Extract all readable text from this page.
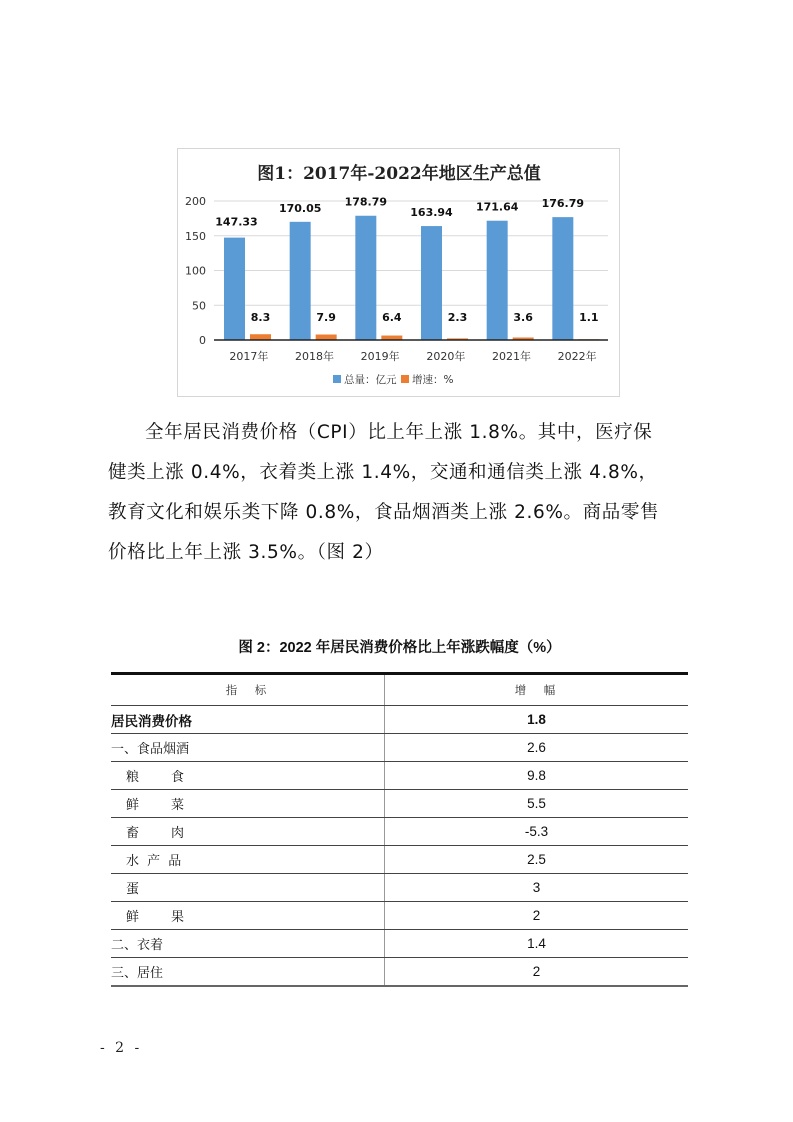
图1：2017年-2022年地区生产总值
147.33
8.3
170.05
7.9
178.79
6.4
163.94
2.3
171.64
3.6
176.79
1.1
0
50
100
150
200
2017年 2018年 2019年 2020年 2021年 2022年
总量：亿元 增速：%
全年居民消费价格（CPI）比上年上涨 1.8%。其中，医疗保
健类上涨 0.4%，衣着类上涨 1.4%，交通和通信类上涨 4.8%，
教育文化和娱乐类下降 0.8%，食品烟酒类上涨 2.6%。商品零售
价格比上年上涨 3.5%。（图 2）
图 2：2022 年居民消费价格比上年涨跌幅度（%）
指　标	增　幅
居民消费价格	1.8
一、食品烟酒	2.6
粮　　食	9.8
鲜　　菜	5.5
畜　　肉	-5.3
水 产 品	2.5
蛋	3
鲜　　果	2
二、衣着	1.4
三、居住	2
- 2 -
